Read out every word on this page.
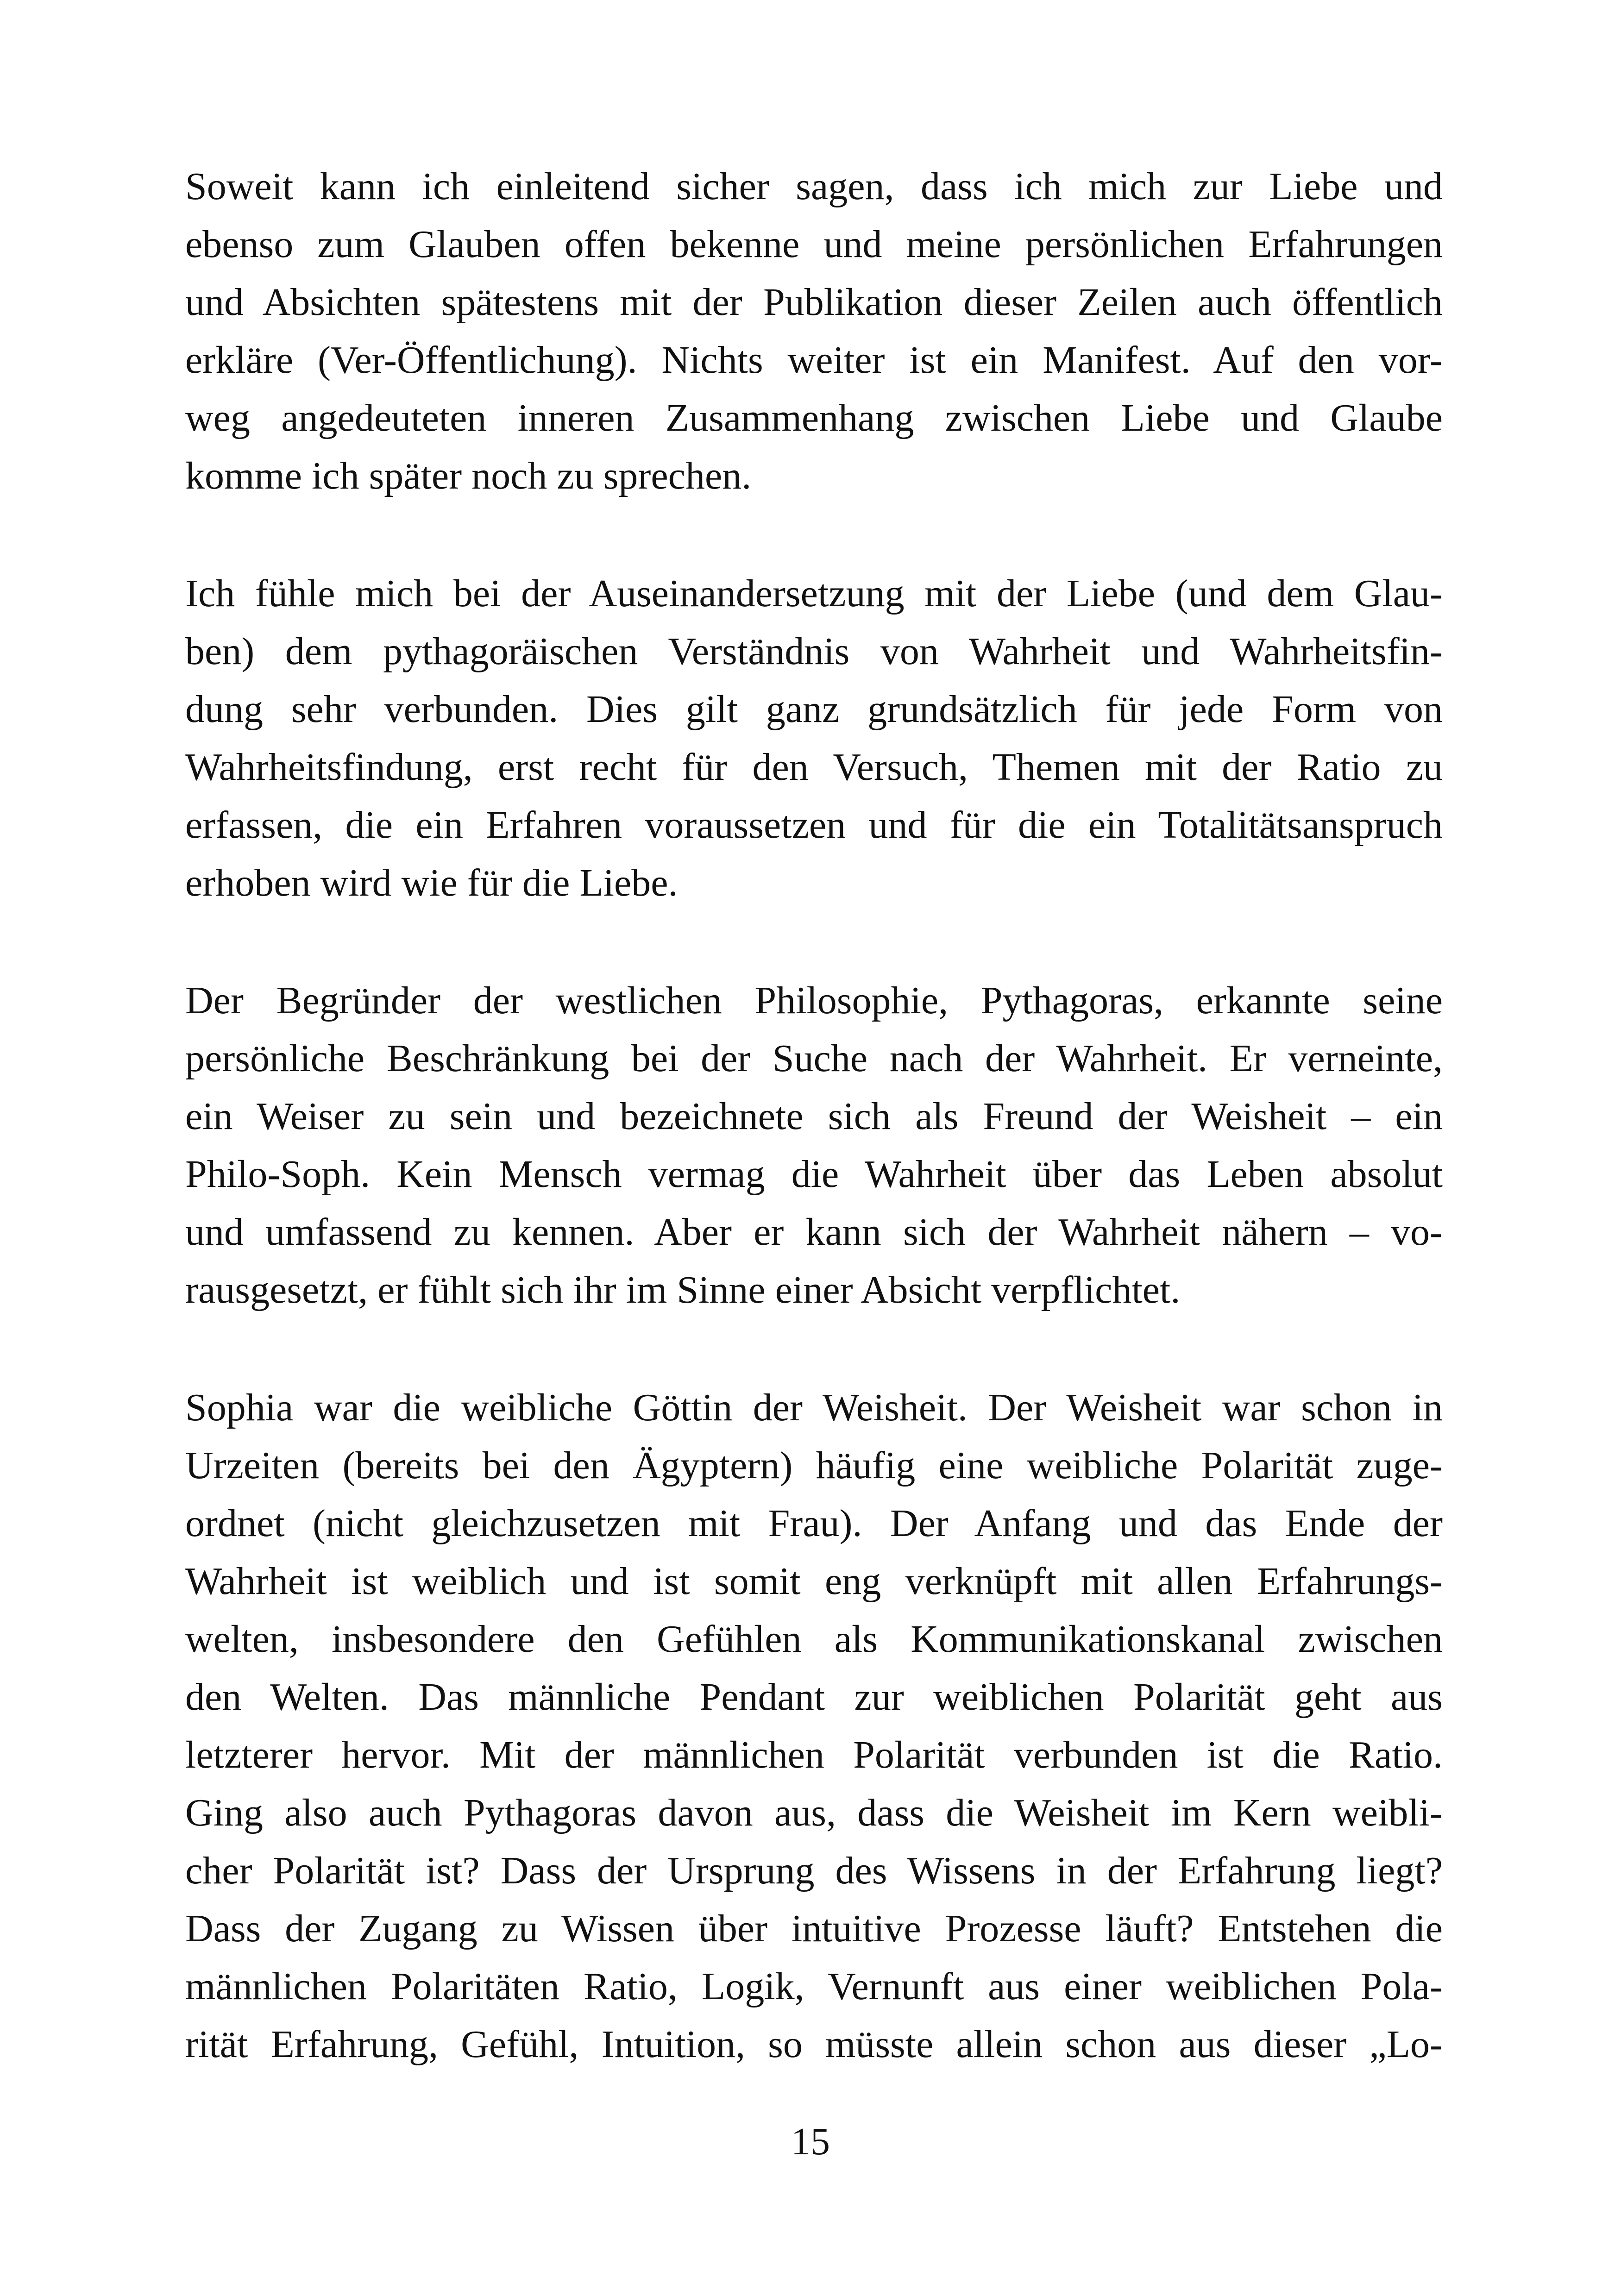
Soweit kann ich einleitend sicher sagen, dass ich mich zur Liebe und
ebenso zum Glauben offen bekenne und meine persönlichen Erfahrungen
und Absichten spätestens mit der Publikation dieser Zeilen auch öffentlich
erkläre (Ver-Öffentlichung). Nichts weiter ist ein Manifest. Auf den vor-
weg angedeuteten inneren Zusammenhang zwischen Liebe und Glaube
komme ich später noch zu sprechen.
Ich fühle mich bei der Auseinandersetzung mit der Liebe (und dem Glau-
ben) dem pythagoräischen Verständnis von Wahrheit und Wahrheitsfin-
dung sehr verbunden. Dies gilt ganz grundsätzlich für jede Form von
Wahrheitsfindung, erst recht für den Versuch, Themen mit der Ratio zu
erfassen, die ein Erfahren voraussetzen und für die ein Totalitätsanspruch
erhoben wird wie für die Liebe.
Der Begründer der westlichen Philosophie, Pythagoras, erkannte seine
persönliche Beschränkung bei der Suche nach der Wahrheit. Er verneinte,
ein Weiser zu sein und bezeichnete sich als Freund der Weisheit – ein
Philo-Soph. Kein Mensch vermag die Wahrheit über das Leben absolut
und umfassend zu kennen. Aber er kann sich der Wahrheit nähern – vo-
rausgesetzt, er fühlt sich ihr im Sinne einer Absicht verpflichtet.
Sophia war die weibliche Göttin der Weisheit. Der Weisheit war schon in
Urzeiten (bereits bei den Ägyptern) häufig eine weibliche Polarität zuge-
ordnet (nicht gleichzusetzen mit Frau). Der Anfang und das Ende der
Wahrheit ist weiblich und ist somit eng verknüpft mit allen Erfahrungs-
welten, insbesondere den Gefühlen als Kommunikationskanal zwischen
den Welten. Das männliche Pendant zur weiblichen Polarität geht aus
letzterer hervor. Mit der männlichen Polarität verbunden ist die Ratio.
Ging also auch Pythagoras davon aus, dass die Weisheit im Kern weibli-
cher Polarität ist? Dass der Ursprung des Wissens in der Erfahrung liegt?
Dass der Zugang zu Wissen über intuitive Prozesse läuft? Entstehen die
männlichen Polaritäten Ratio, Logik, Vernunft aus einer weiblichen Pola-
rität Erfahrung, Gefühl, Intuition, so müsste allein schon aus dieser „Lo-
15
